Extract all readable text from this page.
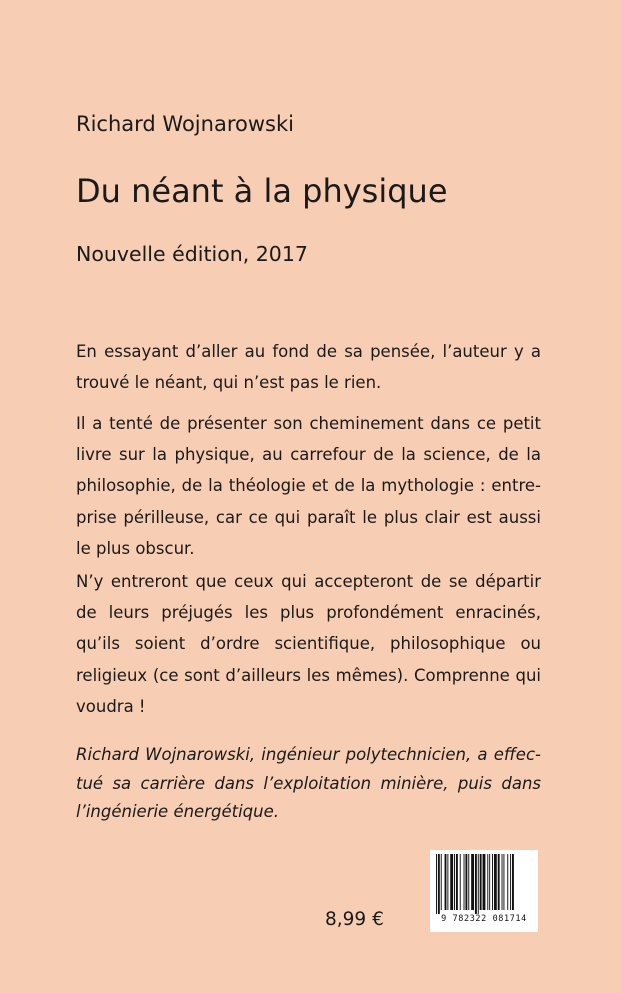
Richard Wojnarowski
Du néant à la physique
Nouvelle édition, 2017

En essayant d’aller au fond de sa pensée, l’auteur y a trouvé le néant, qui n’est pas le rien.

Il a tenté de présenter son cheminement dans ce petit livre sur la physique, au carrefour de la science, de la philosophie, de la théologie et de la mythologie : entreprise périlleuse, car ce qui paraît le plus clair est aussi le plus obscur.

N’y entreront que ceux qui accepteront de se départir de leurs préjugés les plus profondément enracinés, qu’ils soient d’ordre scientifique, philosophique ou religieux (ce sont d’ailleurs les mêmes). Comprenne qui voudra !

Richard Wojnarowski, ingénieur polytechnicien, a effectué sa carrière dans l’exploitation minière, puis dans l’ingénierie énergétique.

9 782322 081714
8,99 €
